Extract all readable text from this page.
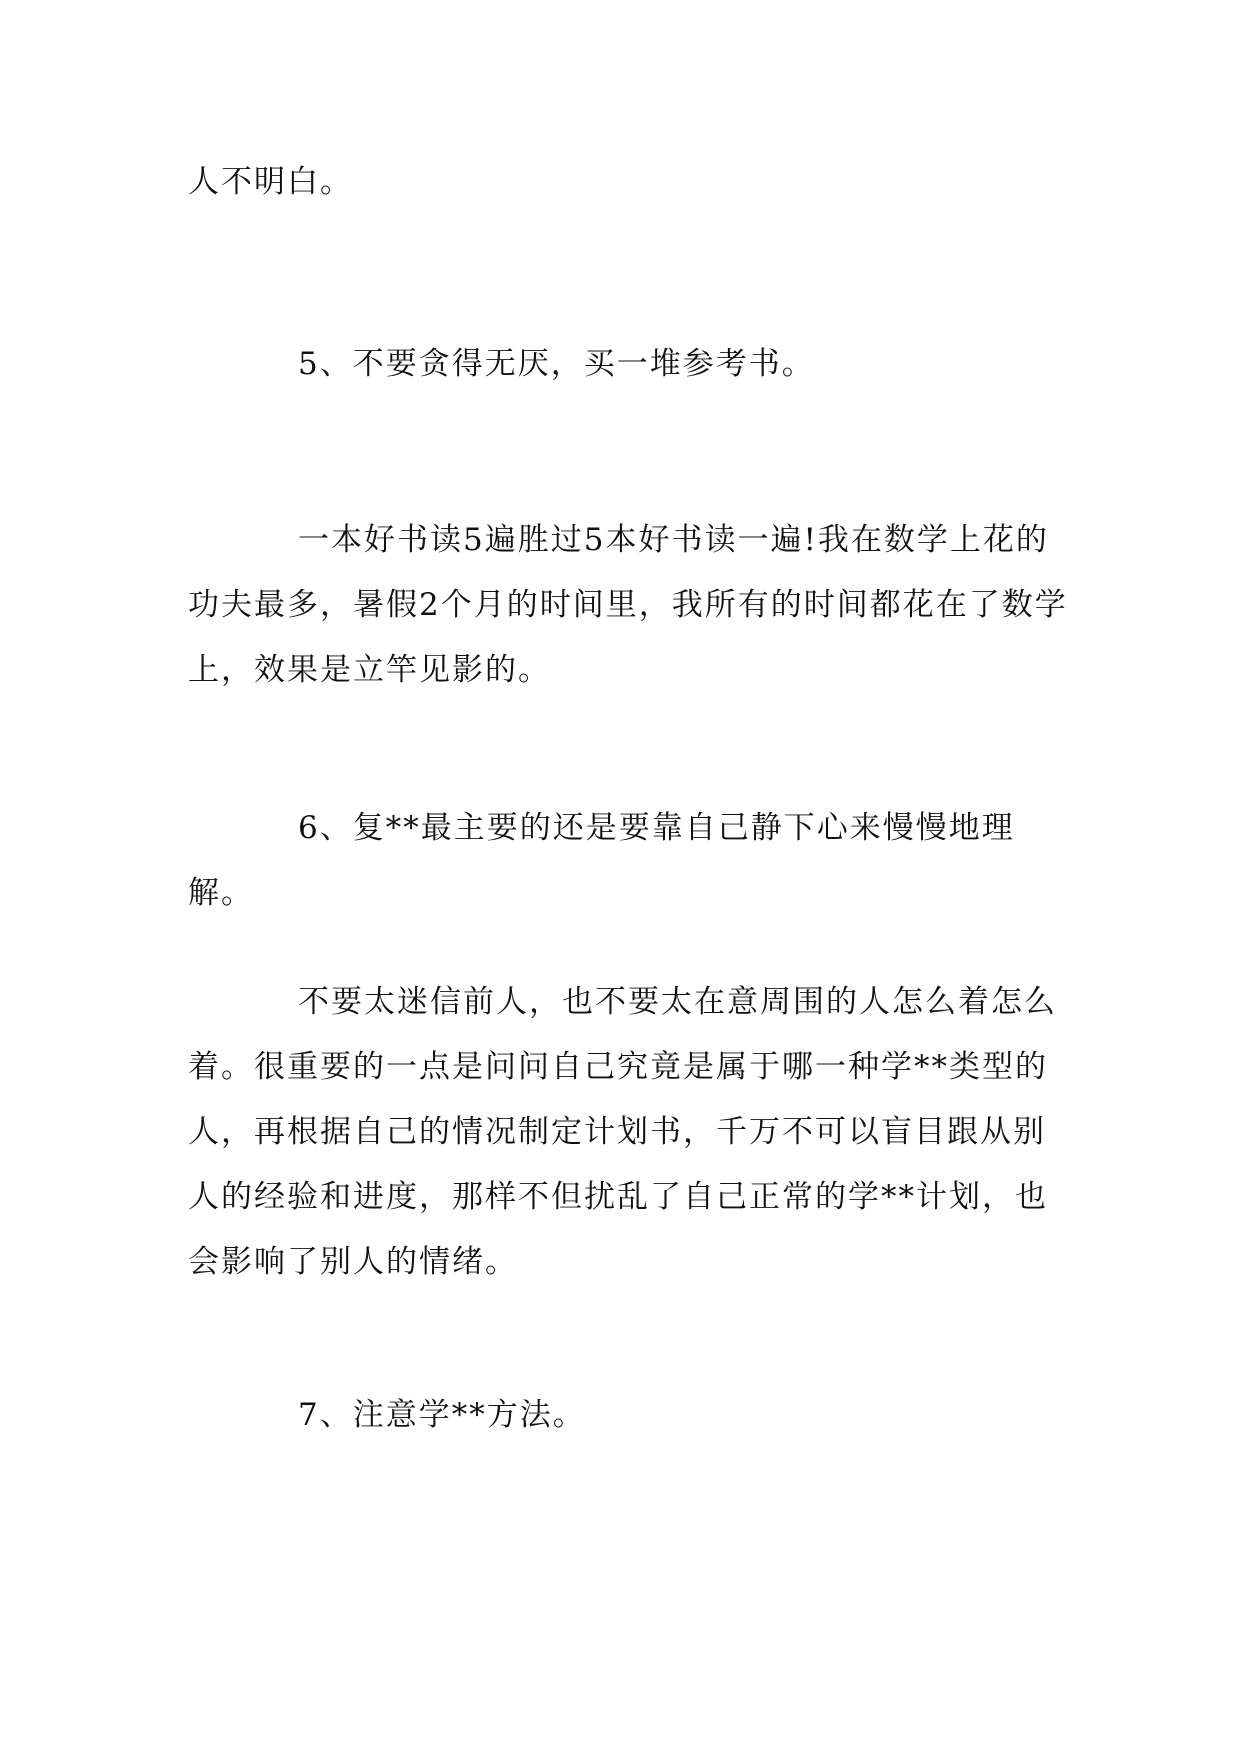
人不明白。

5、不要贪得无厌，买一堆参考书。

一本好书读5遍胜过5本好书读一遍!我在数学上花的功夫最多，暑假2个月的时间里，我所有的时间都花在了数学上，效果是立竿见影的。

6、复**最主要的还是要靠自己静下心来慢慢地理解。

不要太迷信前人，也不要太在意周围的人怎么着怎么着。很重要的一点是问问自己究竟是属于哪一种学**类型的人，再根据自己的情况制定计划书，千万不可以盲目跟从别人的经验和进度，那样不但扰乱了自己正常的学**计划，也会影响了别人的情绪。

7、注意学**方法。
